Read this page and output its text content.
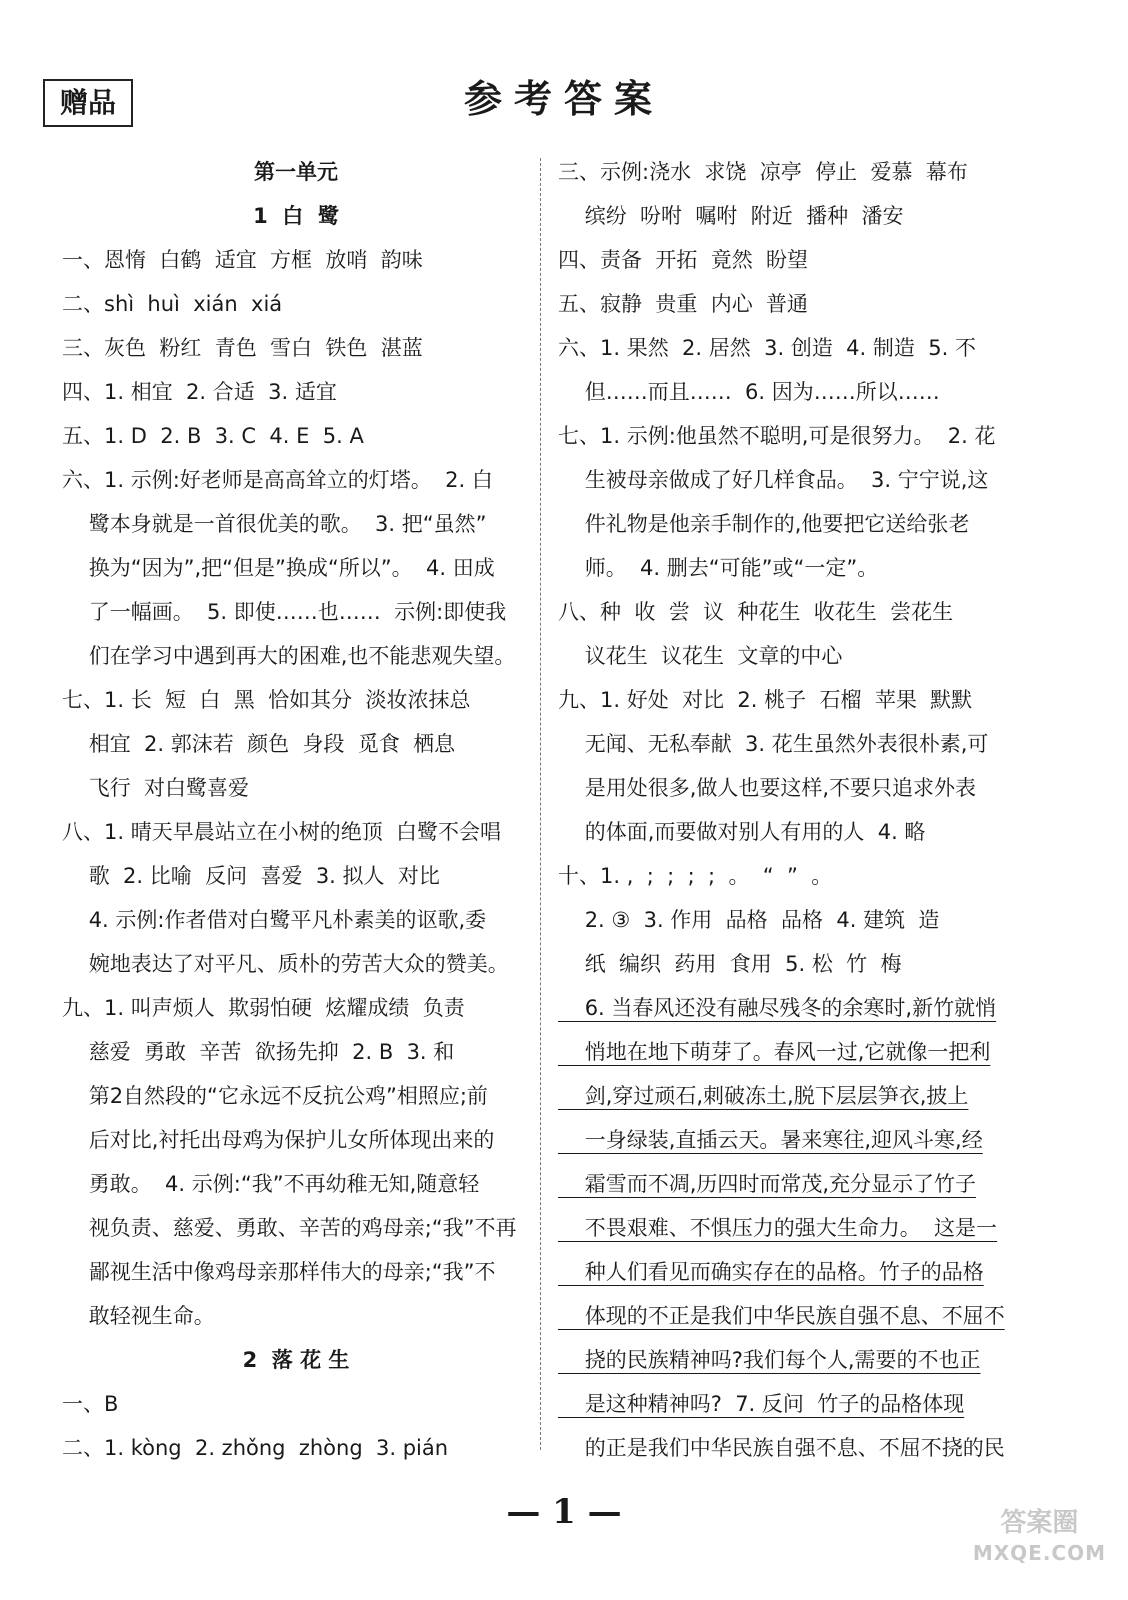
赠品	参考答案
第一单元
1  白  鹭
一、恩惰  白鹤  适宜  方框  放哨  韵味
二、shì  huì  xián  xiá
三、灰色  粉红  青色  雪白  铁色  湛蓝
四、1. 相宜  2. 合适  3. 适宜
五、1. D  2. B  3. C  4. E  5. A
六、1. 示例:好老师是高高耸立的灯塔。  2. 白
鹭本身就是一首很优美的歌。  3. 把“虽然”
换为“因为”,把“但是”换成“所以”。  4. 田成
了一幅画。  5. 即使……也……  示例:即使我
们在学习中遇到再大的困难,也不能悲观失望。
七、1. 长  短  白  黑  恰如其分  淡妆浓抹总
相宜  2. 郭沫若  颜色  身段  觅食  栖息
飞行  对白鹭喜爱
八、1. 晴天早晨站立在小树的绝顶  白鹭不会唱
歌  2. 比喻  反问  喜爱  3. 拟人  对比
4. 示例:作者借对白鹭平凡朴素美的讴歌,委
婉地表达了对平凡、质朴的劳苦大众的赞美。
九、1. 叫声烦人  欺弱怕硬  炫耀成绩  负责
慈爱  勇敢  辛苦  欲扬先抑  2. B  3. 和
第2自然段的“它永远不反抗公鸡”相照应;前
后对比,衬托出母鸡为保护儿女所体现出来的
勇敢。  4. 示例:“我”不再幼稚无知,随意轻
视负责、慈爱、勇敢、辛苦的鸡母亲;“我”不再
鄙视生活中像鸡母亲那样伟大的母亲;“我”不
敢轻视生命。
2  落 花 生
一、B
二、1. kòng  2. zhǒng  zhòng  3. pián
三、示例:浇水  求饶  凉亭  停止  爱慕  幕布
缤纷  吩咐  嘱咐  附近  播种  潘安
四、责备  开拓  竟然  盼望
五、寂静  贵重  内心  普通
六、1. 果然  2. 居然  3. 创造  4. 制造  5. 不
但……而且……  6. 因为……所以……
七、1. 示例:他虽然不聪明,可是很努力。  2. 花
生被母亲做成了好几样食品。  3. 宁宁说,这
件礼物是他亲手制作的,他要把它送给张老
师。  4. 删去“可能”或“一定”。
八、种  收  尝  议  种花生  收花生  尝花生
议花生  议花生  文章的中心
九、1. 好处  对比  2. 桃子  石榴  苹果  默默
无闻、无私奉献  3. 花生虽然外表很朴素,可
是用处很多,做人也要这样,不要只追求外表
的体面,而要做对别人有用的人  4. 略
十、1. ,  ;  ;  ;  ;  。  “  ”  。
2. ③  3. 作用  品格  品格  4. 建筑  造
纸  编织  药用  食用  5. 松  竹  梅
6. 当春风还没有融尽残冬的余寒时,新竹就悄
悄地在地下萌芽了。春风一过,它就像一把利
剑,穿过顽石,刺破冻土,脱下层层笋衣,披上
一身绿装,直插云天。暑来寒往,迎风斗寒,经
霜雪而不凋,历四时而常茂,充分显示了竹子
不畏艰难、不惧压力的强大生命力。  这是一
种人们看见而确实存在的品格。竹子的品格
体现的不正是我们中华民族自强不息、不屈不
挠的民族精神吗?我们每个人,需要的不也正
是这种精神吗?  7. 反问  竹子的品格体现
的正是我们中华民族自强不息、不屈不挠的民
— 1 —	答案圈
MXQE.COM
